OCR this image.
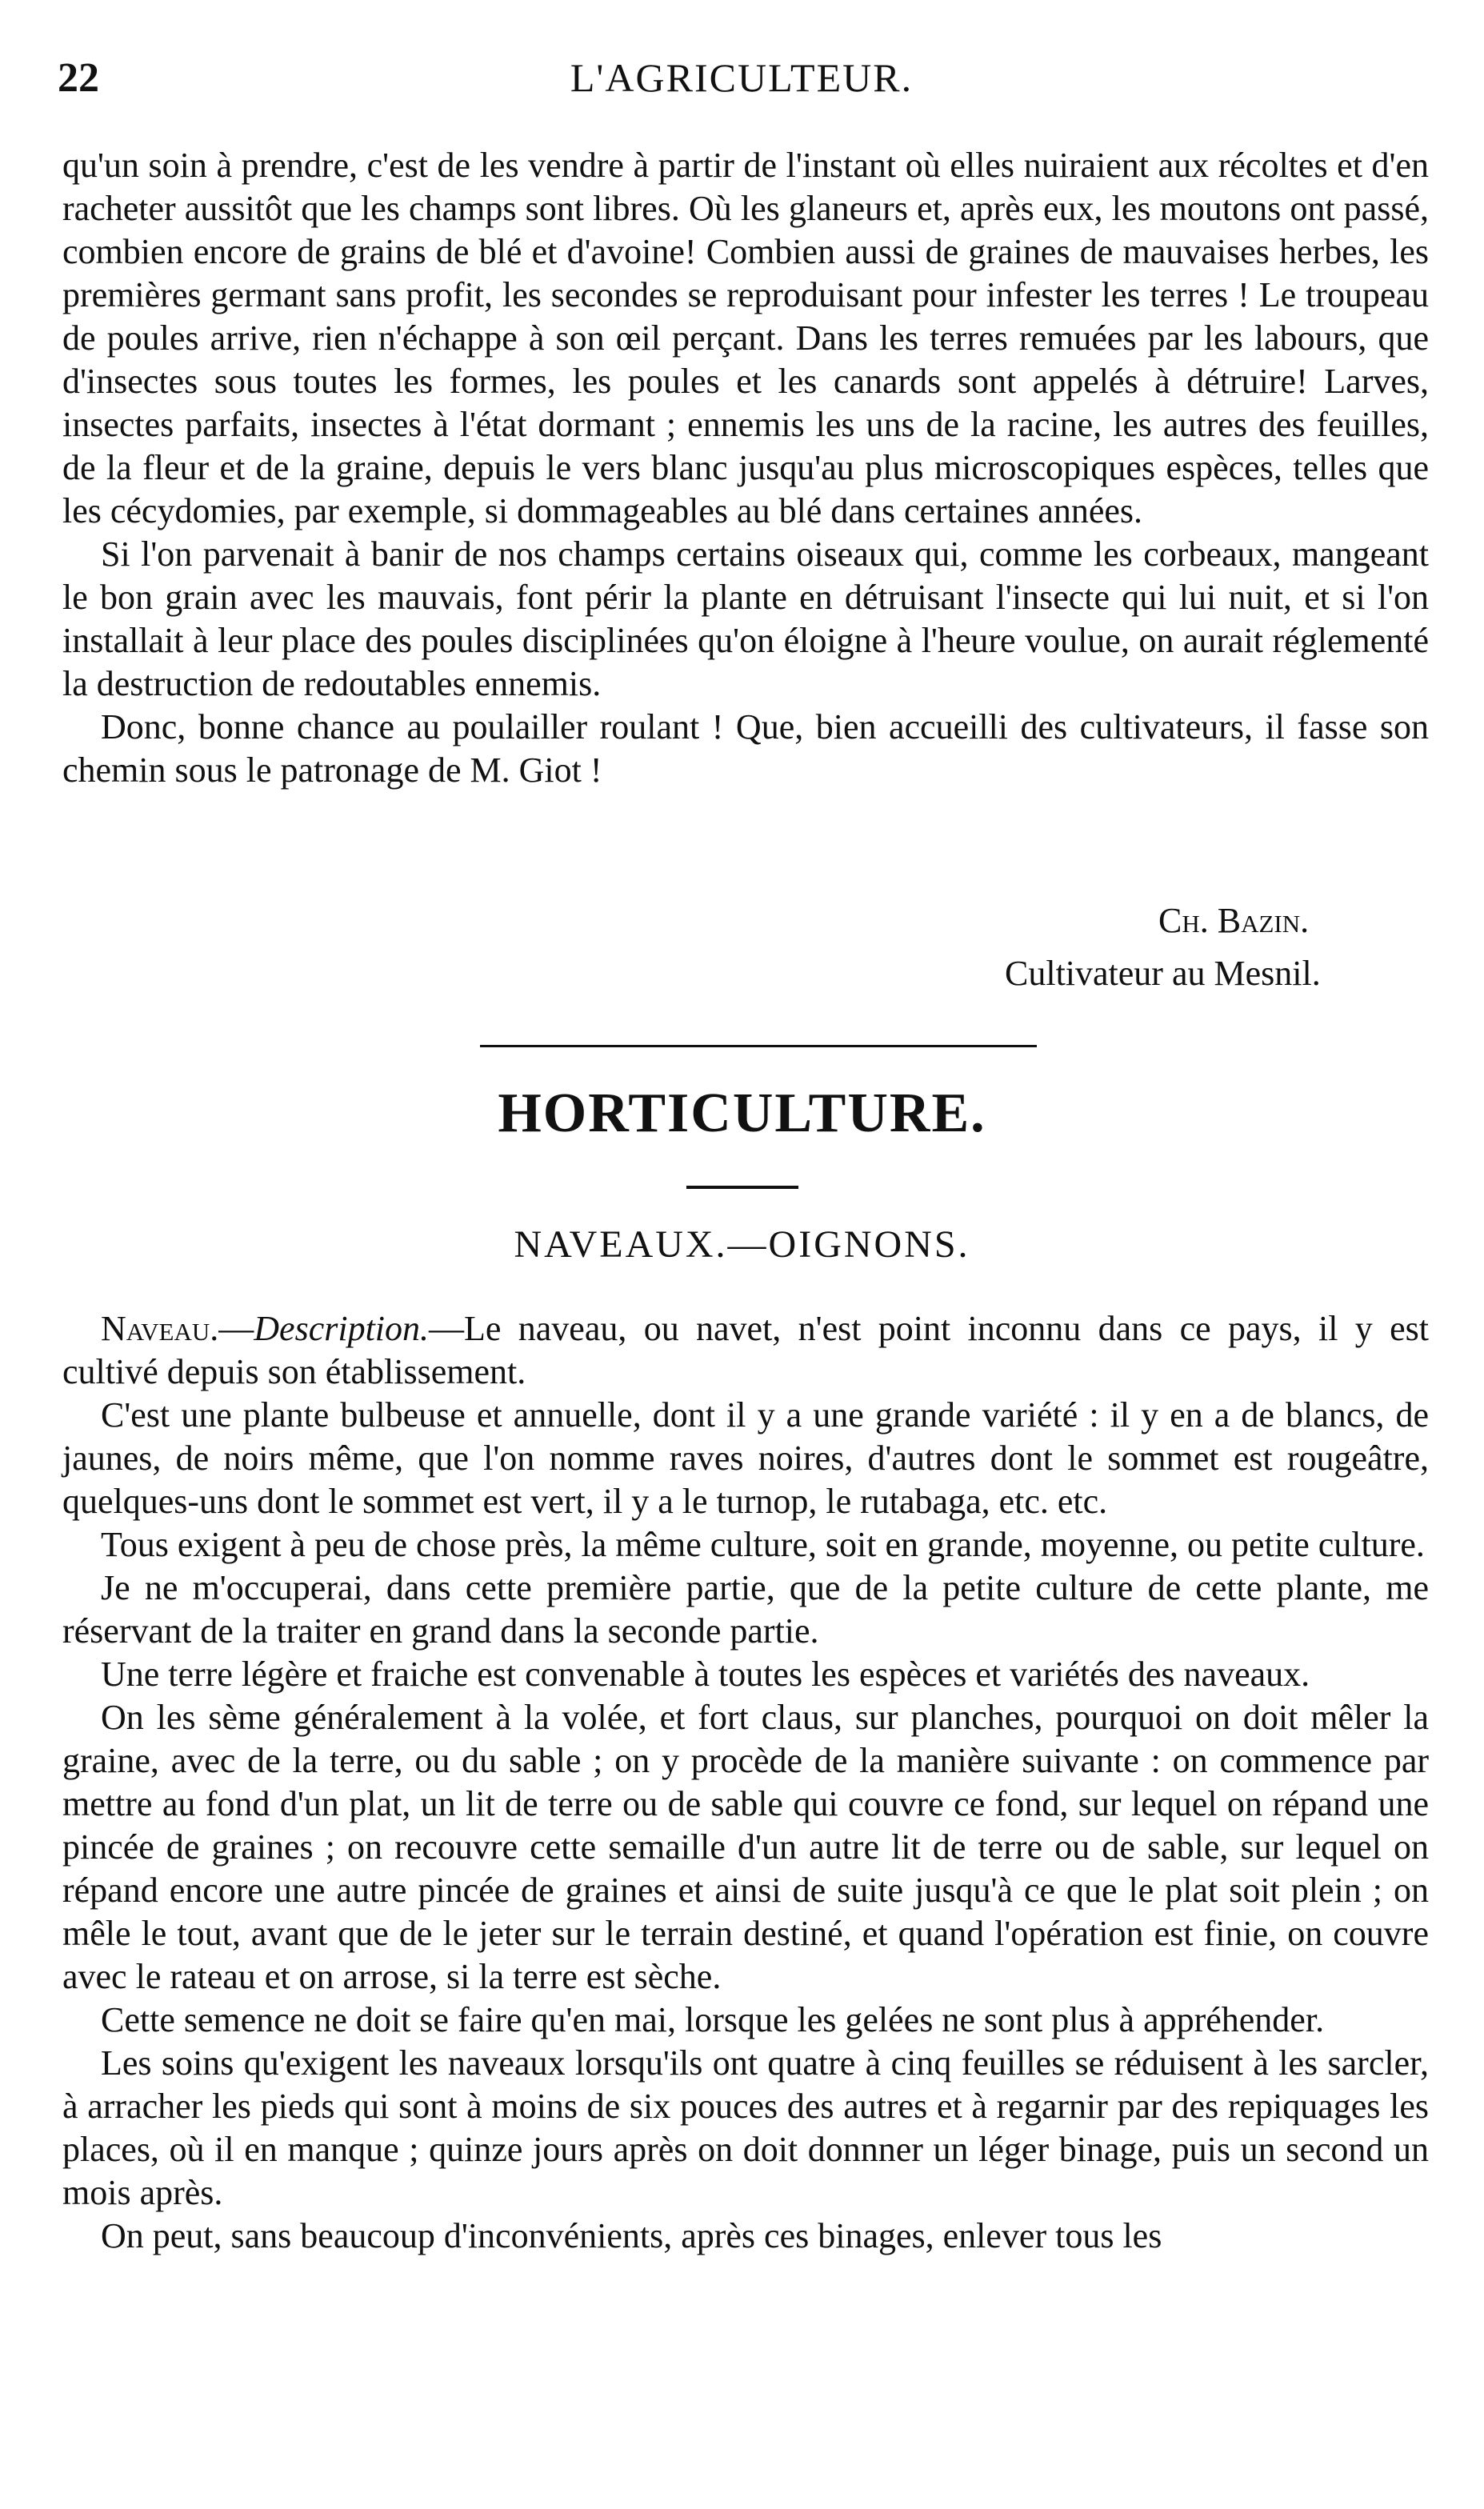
22	L'AGRICULTEUR.

qu'un soin à prendre, c'est de les vendre à partir de l'instant où elles nuiraient aux récoltes et d'en racheter aussitôt que les champs sont libres. Où les glaneurs et, après eux, les moutons ont passé, combien encore de grains de blé et d'avoine! Combien aussi de graines de mauvaises herbes, les premières germant sans profit, les secondes se reproduisant pour infester les terres ! Le troupeau de poules arrive, rien n'échappe à son œil perçant. Dans les terres remuées par les labours, que d'insectes sous toutes les formes, les poules et les canards sont appelés à détruire! Larves, insectes parfaits, insectes à l'état dormant ; ennemis les uns de la racine, les autres des feuilles, de la fleur et de la graine, depuis le vers blanc jusqu'au plus microscopiques espèces, telles que les cécydomies, par exemple, si dommageables au blé dans certaines années.

Si l'on parvenait à banir de nos champs certains oiseaux qui, comme les corbeaux, mangeant le bon grain avec les mauvais, font périr la plante en détruisant l'insecte qui lui nuit, et si l'on installait à leur place des poules disciplinées qu'on éloigne à l'heure voulue, on aurait réglementé la destruction de redoutables ennemis.

Donc, bonne chance au poulailler roulant ! Que, bien accueilli des cultivateurs, il fasse son chemin sous le patronage de M. Giot !

Ch. Bazin.
Cultivateur au Mesnil.
HORTICULTURE.
NAVEAUX.—OIGNONS.

Naveau.—Description.—Le naveau, ou navet, n'est point inconnu dans ce pays, il y est cultivé depuis son établissement.

C'est une plante bulbeuse et annuelle, dont il y a une grande variété : il y en a de blancs, de jaunes, de noirs même, que l'on nomme raves noires, d'autres dont le sommet est rougeâtre, quelques-uns dont le sommet est vert, il y a le turnop, le rutabaga, etc. etc.

Tous exigent à peu de chose près, la même culture, soit en grande, moyenne, ou petite culture.

Je ne m'occuperai, dans cette première partie, que de la petite culture de cette plante, me réservant de la traiter en grand dans la seconde partie.

Une terre légère et fraiche est convenable à toutes les espèces et variétés des naveaux.

On les sème généralement à la volée, et fort claus, sur planches, pourquoi on doit mêler la graine, avec de la terre, ou du sable ; on y procède de la manière suivante : on commence par mettre au fond d'un plat, un lit de terre ou de sable qui couvre ce fond, sur lequel on répand une pincée de graines ; on recouvre cette semaille d'un autre lit de terre ou de sable, sur lequel on répand encore une autre pincée de graines et ainsi de suite jusqu'à ce que le plat soit plein ; on mêle le tout, avant que de le jeter sur le terrain destiné, et quand l'opération est finie, on couvre avec le rateau et on arrose, si la terre est sèche.

Cette semence ne doit se faire qu'en mai, lorsque les gelées ne sont plus à appréhender.

Les soins qu'exigent les naveaux lorsqu'ils ont quatre à cinq feuilles se réduisent à les sarcler, à arracher les pieds qui sont à moins de six pouces des autres et à regarnir par des repiquages les places, où il en manque ; quinze jours après on doit donnner un léger binage, puis un second un mois après.

On peut, sans beaucoup d'inconvénients, après ces binages, enlever tous les
